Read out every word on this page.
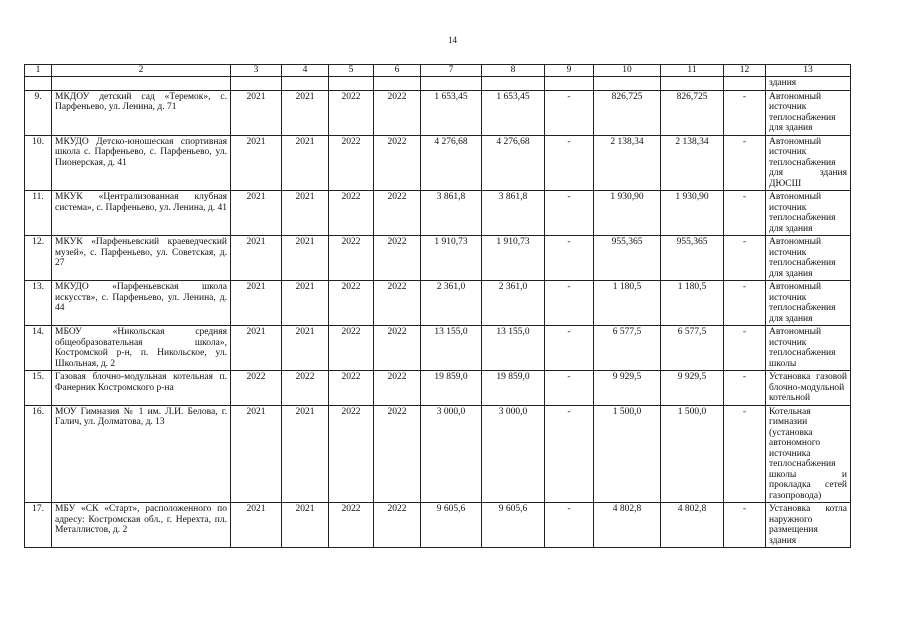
14
1	2	3	4	5	6	7	8	9	10	11	12	13
												здания
9.	МКДОУ детский сад «Теремок», с. Парфеньево, ул. Ленина, д. 71	2021	2021	2022	2022	1 653,45	1 653,45	-	826,725	826,725	-	Автономный источник теплоснабжения для здания
10.	МКУДО Детско-юношеская спортивная школа с. Парфеньево, с. Парфеньево, ул. Пионерская, д. 41	2021	2021	2022	2022	4 276,68	4 276,68	-	2 138,34	2 138,34	-	Автономный источник теплоснабжения для здания ДЮСШ
11.	МКУК «Централизованная клубная система», с. Парфеньево, ул. Ленина, д. 41	2021	2021	2022	2022	3 861,8	3 861,8	-	1 930,90	1 930,90	-	Автономный источник теплоснабжения для здания
12.	МКУК «Парфеньевский краеведческий музей», с. Парфеньево, ул. Советская, д. 27	2021	2021	2022	2022	1 910,73	1 910,73	-	955,365	955,365	-	Автономный источник теплоснабжения для здания
13.	МКУДО «Парфеньевская школа искусств», с. Парфеньево, ул. Ленина, д. 44	2021	2021	2022	2022	2 361,0	2 361,0	-	1 180,5	1 180,5	-	Автономный источник теплоснабжения для здания
14.	МБОУ «Никольская средняя общеобразовательная школа», Костромской р-н, п. Никольское, ул. Школьная, д. 2	2021	2021	2022	2022	13 155,0	13 155,0	-	6 577,5	6 577,5	-	Автономный источник теплоснабжения школы
15.	Газовая блочно-модульная котельная п. Фанерник Костромского р-на	2022	2022	2022	2022	19 859,0	19 859,0	-	9 929,5	9 929,5	-	Установка газовой блочно-модульной котельной
16.	МОУ Гимназия № 1 им. Л.И. Белова, г. Галич, ул. Долматова, д. 13	2021	2021	2022	2022	3 000,0	3 000,0	-	1 500,0	1 500,0	-	Котельная гимназии (установка автономного источника теплоснабжения школы и прокладка сетей газопровода)
17.	МБУ «СК «Старт», расположенного по адресу: Костромская обл., г. Нерехта, пл. Металлистов, д. 2	2021	2021	2022	2022	9 605,6	9 605,6	-	4 802,8	4 802,8	-	Установка котла наружного размещения здания
